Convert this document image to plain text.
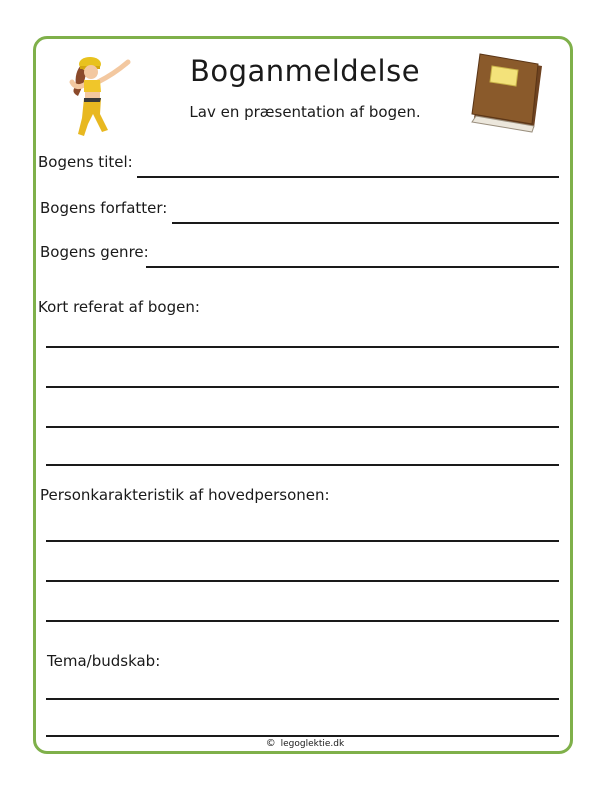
Boganmeldelse
Lav en præsentation af bogen.
Bogens titel:
Bogens forfatter:
Bogens genre:
Kort referat af bogen:
Personkarakteristik af hovedpersonen:
Tema/budskab:
© legoglektie.dk
